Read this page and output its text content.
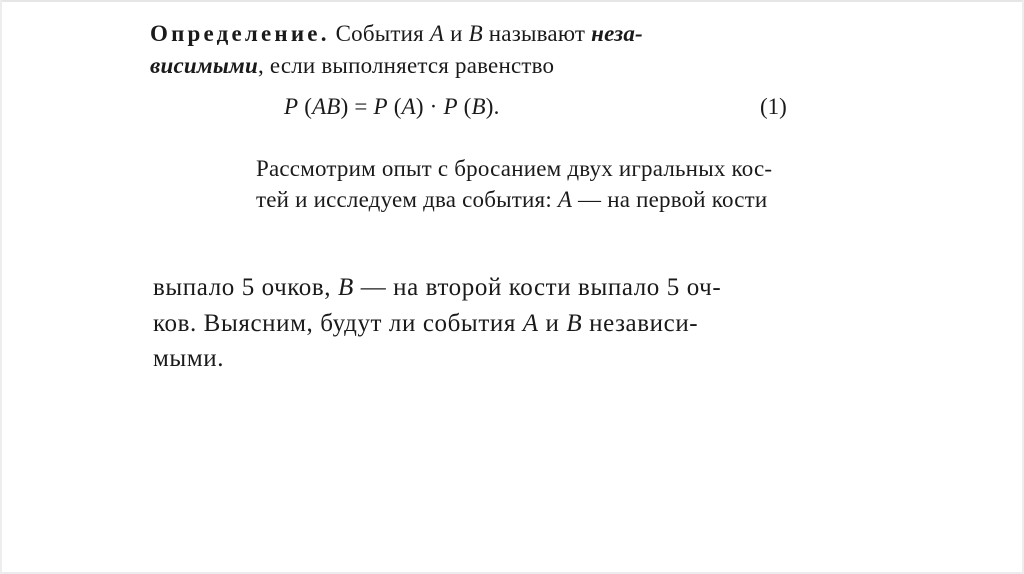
Определение. События A и B называют неза-
висимыми, если выполняется равенство
P (AB) = P (A) · P (B).	(1)
Рассмотрим опыт с бросанием двух игральных кос-
тей и исследуем два события: A — на первой кости
выпало 5 очков, B — на второй кости выпало 5 оч-
ков. Выясним, будут ли события A и B независи-
мыми.
